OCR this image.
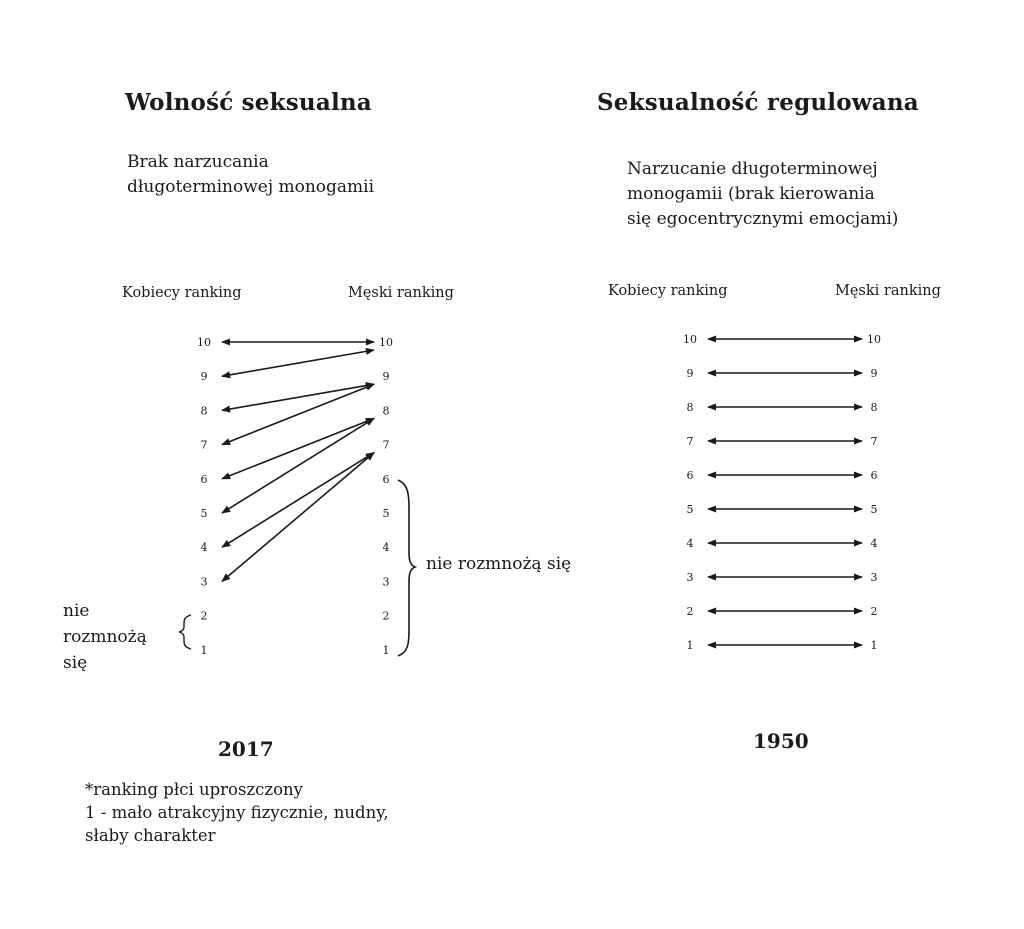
Wolność seksualna	Seksualność regulowana
Brak narzucania
długoterminowej monogamii
Narzucanie długoterminowej
monogamii (brak kierowania
się egocentrycznymi emocjami)
Kobiecy ranking	Męski ranking	Kobiecy ranking	Męski ranking
10
9
8
7
6
5
4
3
2
1
10
9
8
7
6
5
4
3
2
1
10
9
8
7
6
5
4
3
2
1
10
9
8
7
6
5
4
3
2
1
nie rozmnożą się
nie
rozmnożą
się
2017	1950
*ranking płci uproszczony
1 - mało atrakcyjny fizycznie, nudny,
słaby charakter
